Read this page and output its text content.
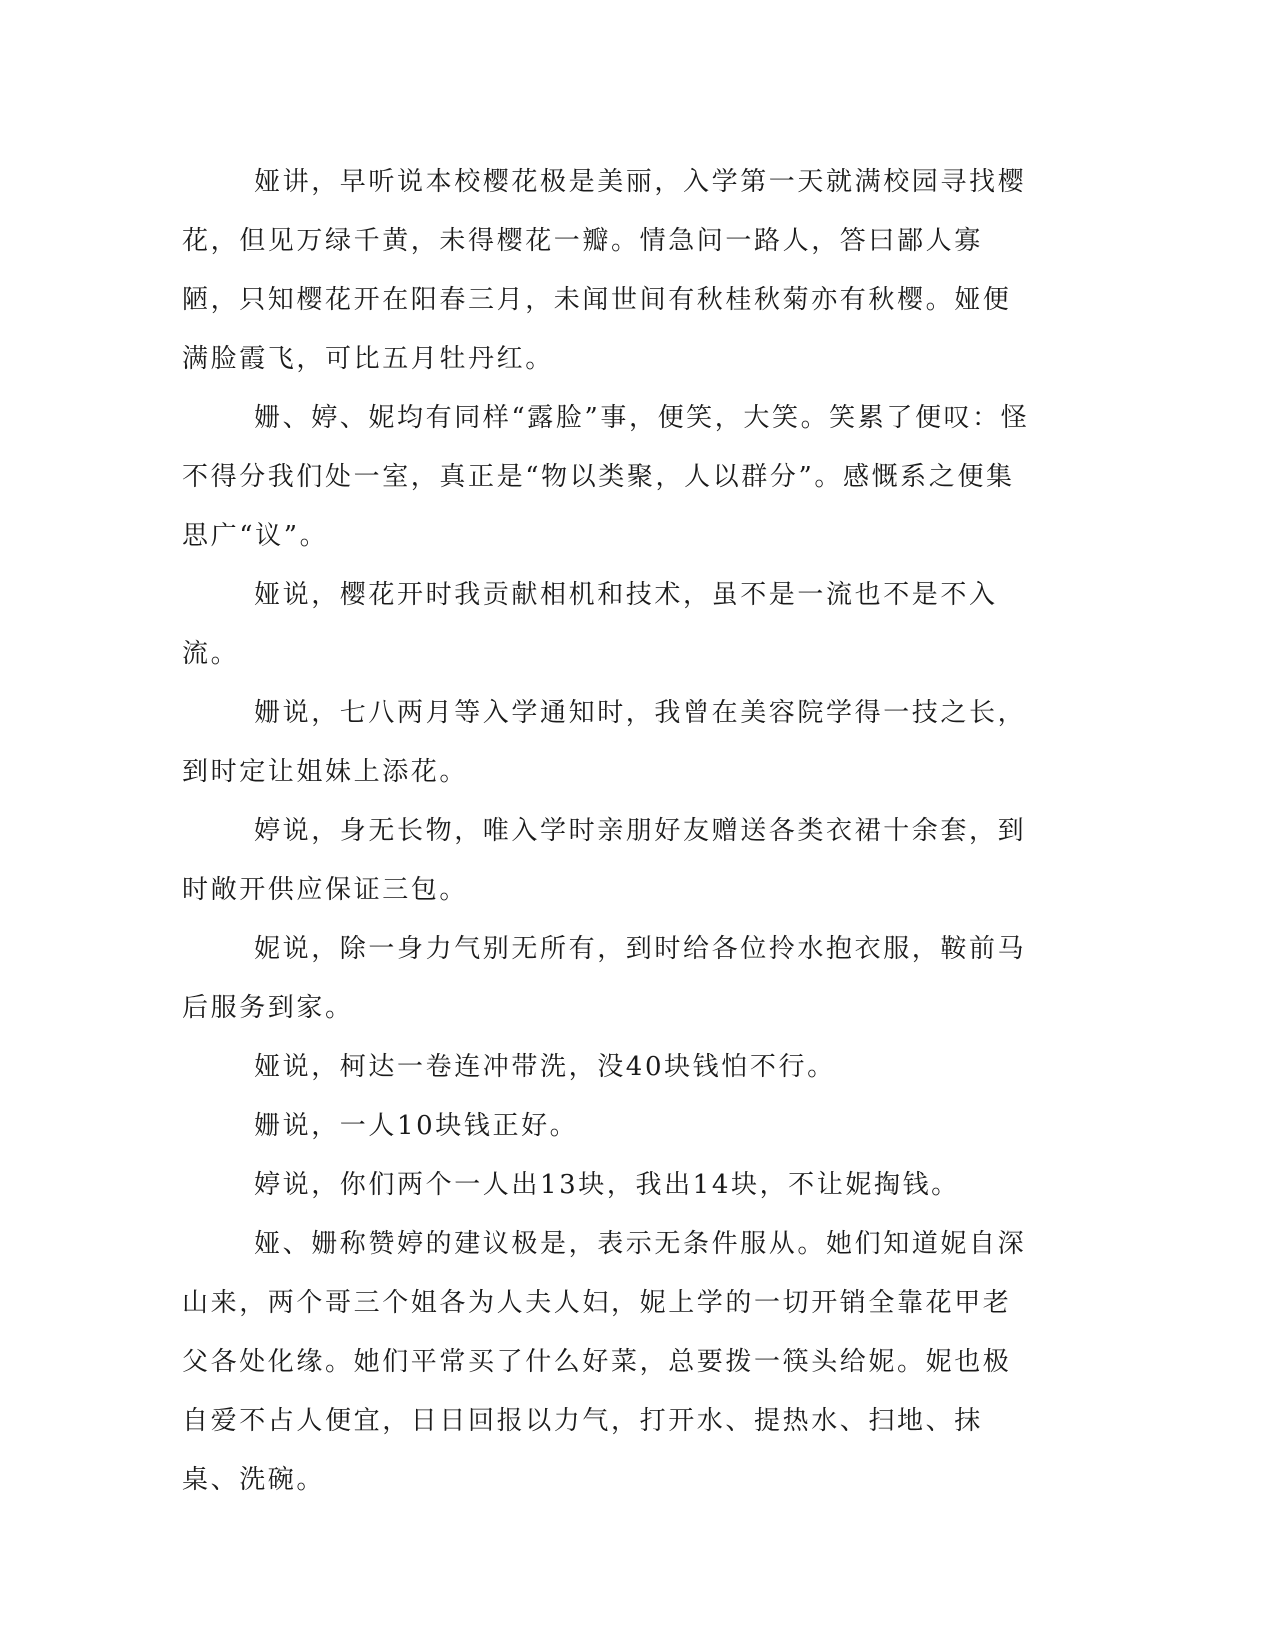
娅讲，早听说本校樱花极是美丽，入学第一天就满校园寻找樱花，但见万绿千黄，未得樱花一瓣。情急问一路人，答曰鄙人寡陋，只知樱花开在阳春三月，未闻世间有秋桂秋菊亦有秋樱。娅便满脸霞飞，可比五月牡丹红。

姗、婷、妮均有同样“露脸”事，便笑，大笑。笑累了便叹：怪不得分我们处一室，真正是“物以类聚，人以群分”。感慨系之便集思广“议”。

娅说，樱花开时我贡献相机和技术，虽不是一流也不是不入流。

姗说，七八两月等入学通知时，我曾在美容院学得一技之长，到时定让姐妹上添花。

婷说，身无长物，唯入学时亲朋好友赠送各类衣裙十余套，到时敞开供应保证三包。

妮说，除一身力气别无所有，到时给各位拎水抱衣服，鞍前马后服务到家。

娅说，柯达一卷连冲带洗，没40块钱怕不行。

姗说，一人10块钱正好。

婷说，你们两个一人出13块，我出14块，不让妮掏钱。

娅、姗称赞婷的建议极是，表示无条件服从。她们知道妮自深山来，两个哥三个姐各为人夫人妇，妮上学的一切开销全靠花甲老父各处化缘。她们平常买了什么好菜，总要拨一筷头给妮。妮也极自爱不占人便宜，日日回报以力气，打开水、提热水、扫地、抹桌、洗碗。
